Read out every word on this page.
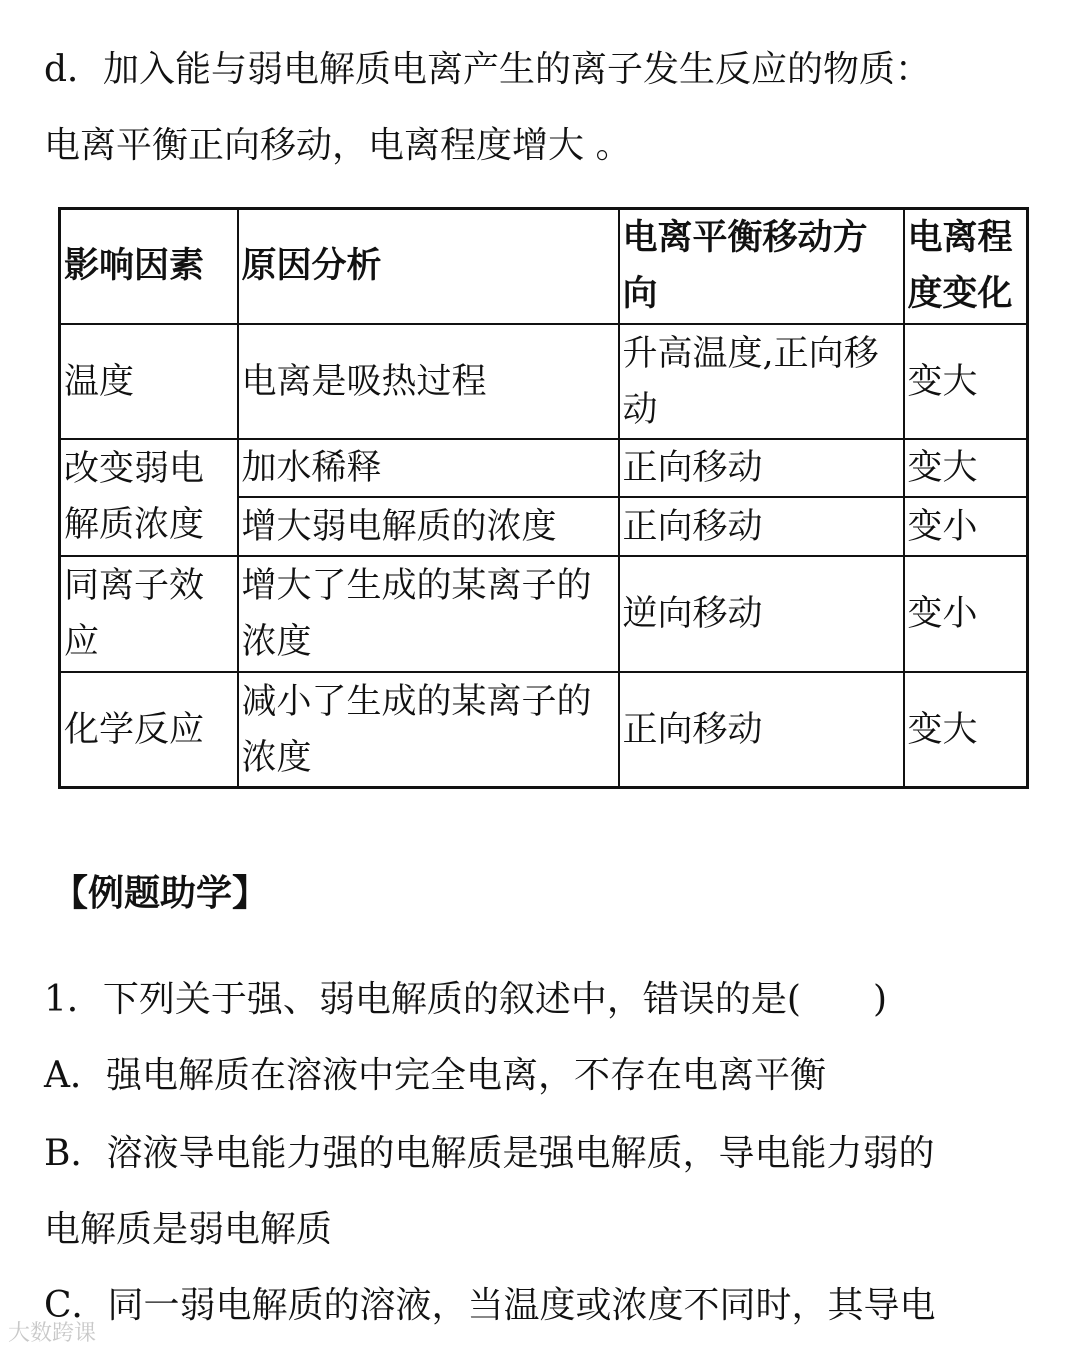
d．加入能与弱电解质电离产生的离子发生反应的物质：

电离平衡正向移动，电离程度增大 。

影响因素	原因分析	电离平衡移动方向	电离程度变化
温度	电离是吸热过程	升高温度,正向移动	变大
改变弱电解质浓度	加水稀释	正向移动	变大
	增大弱电解质的浓度	正向移动	变小
同离子效应	增大了生成的某离子的浓度	逆向移动	变小
化学反应	减小了生成的某离子的浓度	正向移动	变大

【例题助学】

1．下列关于强、弱电解质的叙述中，错误的是(　　)

A．强电解质在溶液中完全电离，不存在电离平衡

B．溶液导电能力强的电解质是强电解质，导电能力弱的

电解质是弱电解质

C．同一弱电解质的溶液，当温度或浓度不同时，其导电

大数跨课
